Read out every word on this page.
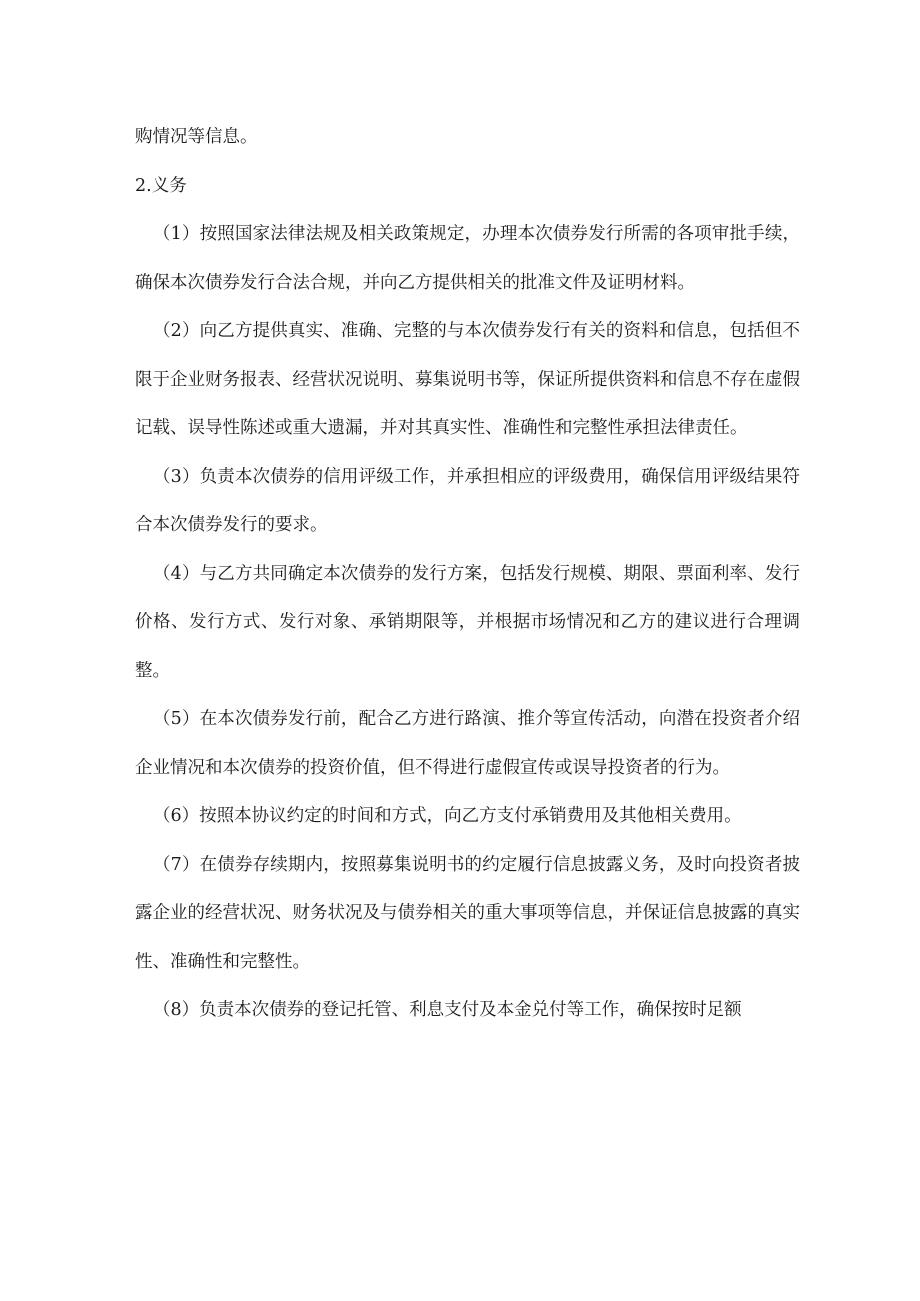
购情况等信息。

2.义务

（1）按照国家法律法规及相关政策规定，办理本次债券发行所需的各项审批手续，确保本次债券发行合法合规，并向乙方提供相关的批准文件及证明材料。

（2）向乙方提供真实、准确、完整的与本次债券发行有关的资料和信息，包括但不限于企业财务报表、经营状况说明、募集说明书等，保证所提供资料和信息不存在虚假记载、误导性陈述或重大遗漏，并对其真实性、准确性和完整性承担法律责任。

（3）负责本次债券的信用评级工作，并承担相应的评级费用，确保信用评级结果符合本次债券发行的要求。

（4）与乙方共同确定本次债券的发行方案，包括发行规模、期限、票面利率、发行价格、发行方式、发行对象、承销期限等，并根据市场情况和乙方的建议进行合理调整。

（5）在本次债券发行前，配合乙方进行路演、推介等宣传活动，向潜在投资者介绍企业情况和本次债券的投资价值，但不得进行虚假宣传或误导投资者的行为。

（6）按照本协议约定的时间和方式，向乙方支付承销费用及其他相关费用。

（7）在债券存续期内，按照募集说明书的约定履行信息披露义务，及时向投资者披露企业的经营状况、财务状况及与债券相关的重大事项等信息，并保证信息披露的真实性、准确性和完整性。

（8）负责本次债券的登记托管、利息支付及本金兑付等工作，确保按时足额
